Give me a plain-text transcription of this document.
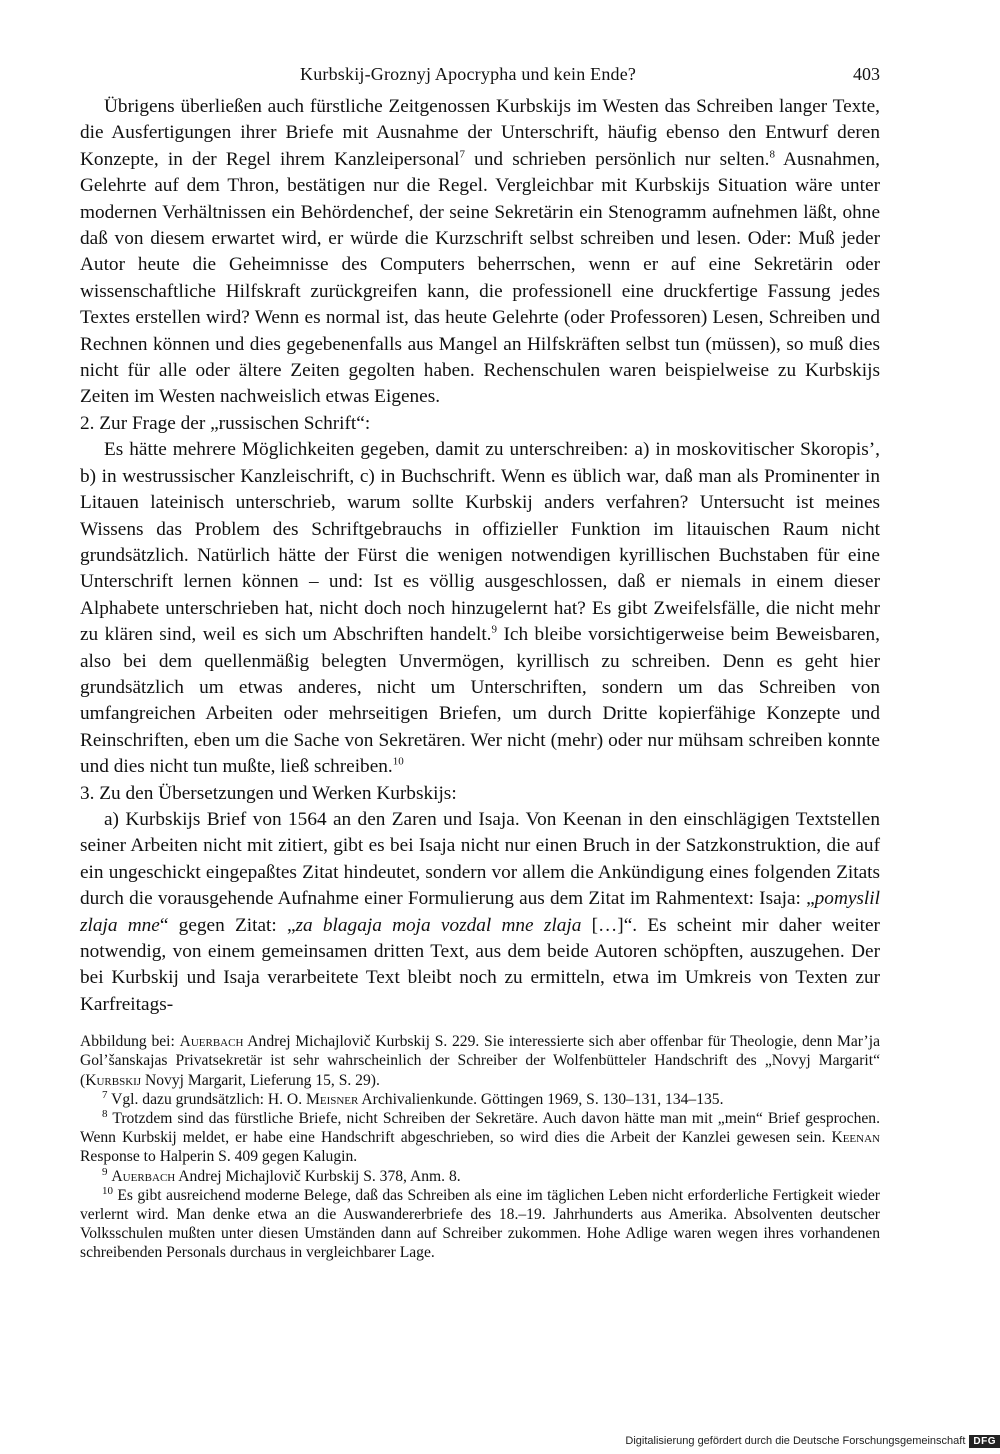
Kurbskij-Groznyj Apocrypha und kein Ende?	403

Übrigens überließen auch fürstliche Zeitgenossen Kurbskijs im Westen das Schreiben langer Texte, die Ausfertigungen ihrer Briefe mit Ausnahme der Unterschrift, häufig ebenso den Entwurf deren Konzepte, in der Regel ihrem Kanzleipersonal$^7$ und schrieben persönlich nur selten.$^8$ Ausnahmen, Gelehrte auf dem Thron, bestätigen nur die Regel. Vergleichbar mit Kurbskijs Situation wäre unter modernen Verhältnissen ein Behördenchef, der seine Sekretärin ein Stenogramm aufnehmen läßt, ohne daß von diesem erwartet wird, er würde die Kurzschrift selbst schreiben und lesen. Oder: Muß jeder Autor heute die Geheimnisse des Computers beherrschen, wenn er auf eine Sekretärin oder wissenschaftliche Hilfskraft zurückgreifen kann, die professionell eine druckfertige Fassung jedes Textes erstellen wird? Wenn es normal ist, das heute Gelehrte (oder Professoren) Lesen, Schreiben und Rechnen können und dies gegebenenfalls aus Mangel an Hilfskräften selbst tun (müssen), so muß dies nicht für alle oder ältere Zeiten gegolten haben. Rechenschulen waren beispielweise zu Kurbskijs Zeiten im Westen nachweislich etwas Eigenes.

2. Zur Frage der „russischen Schrift“:

Es hätte mehrere Möglichkeiten gegeben, damit zu unterschreiben: a) in moskovitischer Skoropis’, b) in westrussischer Kanzleischrift, c) in Buchschrift. Wenn es üblich war, daß man als Prominenter in Litauen lateinisch unterschrieb, warum sollte Kurbskij anders verfahren? Untersucht ist meines Wissens das Problem des Schriftgebrauchs in offizieller Funktion im litauischen Raum nicht grundsätzlich. Natürlich hätte der Fürst die wenigen notwendigen kyrillischen Buchstaben für eine Unterschrift lernen können – und: Ist es völlig ausgeschlossen, daß er niemals in einem dieser Alphabete unterschrieben hat, nicht doch noch hinzugelernt hat? Es gibt Zweifelsfälle, die nicht mehr zu klären sind, weil es sich um Abschriften handelt.$^9$ Ich bleibe vorsichtigerweise beim Beweisbaren, also bei dem quellenmäßig belegten Unvermögen, kyrillisch zu schreiben. Denn es geht hier grundsätzlich um etwas anderes, nicht um Unterschriften, sondern um das Schreiben von umfangreichen Arbeiten oder mehrseitigen Briefen, um durch Dritte kopierfähige Konzepte und Reinschriften, eben um die Sache von Sekretären. Wer nicht (mehr) oder nur mühsam schreiben konnte und dies nicht tun mußte, ließ schreiben.$^{10}$

3. Zu den Übersetzungen und Werken Kurbskijs:

a) Kurbskijs Brief von 1564 an den Zaren und Isaja. Von Keenan in den einschlägigen Textstellen seiner Arbeiten nicht mit zitiert, gibt es bei Isaja nicht nur einen Bruch in der Satzkonstruktion, die auf ein ungeschickt eingepaßtes Zitat hindeutet, sondern vor allem die Ankündigung eines folgenden Zitats durch die vorausgehende Aufnahme einer Formulierung aus dem Zitat im Rahmentext: Isaja: „pomyslil zlaja mne“ gegen Zitat: „za blagaja moja vozdal mne zlaja […]“. Es scheint mir daher weiter notwendig, von einem gemeinsamen dritten Text, aus dem beide Autoren schöpften, auszugehen. Der bei Kurbskij und Isaja verarbeitete Text bleibt noch zu ermitteln, etwa im Umkreis von Texten zur Karfreitags-

Abbildung bei: Auerbach Andrej Michajlovič Kurbskij S. 229. Sie interessierte sich aber offenbar für Theologie, denn Mar’ja Gol’šanskajas Privatsekretär ist sehr wahrscheinlich der Schreiber der Wolfenbütteler Handschrift des „Novyj Margarit“ (Kurbskij Novyj Margarit, Lieferung 15, S. 29).

$^7$ Vgl. dazu grundsätzlich: H. O. Meisner Archivalienkunde. Göttingen 1969, S. 130–131, 134–135.

$^8$ Trotzdem sind das fürstliche Briefe, nicht Schreiben der Sekretäre. Auch davon hätte man mit „mein“ Brief gesprochen. Wenn Kurbskij meldet, er habe eine Handschrift abgeschrieben, so wird dies die Arbeit der Kanzlei gewesen sein. Keenan Response to Halperin S. 409 gegen Kalugin.

$^9$ Auerbach Andrej Michajlovič Kurbskij S. 378, Anm. 8.

$^{10}$ Es gibt ausreichend moderne Belege, daß das Schreiben als eine im täglichen Leben nicht erforderliche Fertigkeit wieder verlernt wird. Man denke etwa an die Auswandererbriefe des 18.–19. Jahrhunderts aus Amerika. Absolventen deutscher Volksschulen mußten unter diesen Umständen dann auf Schreiber zukommen. Hohe Adlige waren wegen ihres vorhandenen schreibenden Personals durchaus in vergleichbarer Lage.

Digitalisierung gefördert durch die Deutsche Forschungsgemeinschaft DFG
